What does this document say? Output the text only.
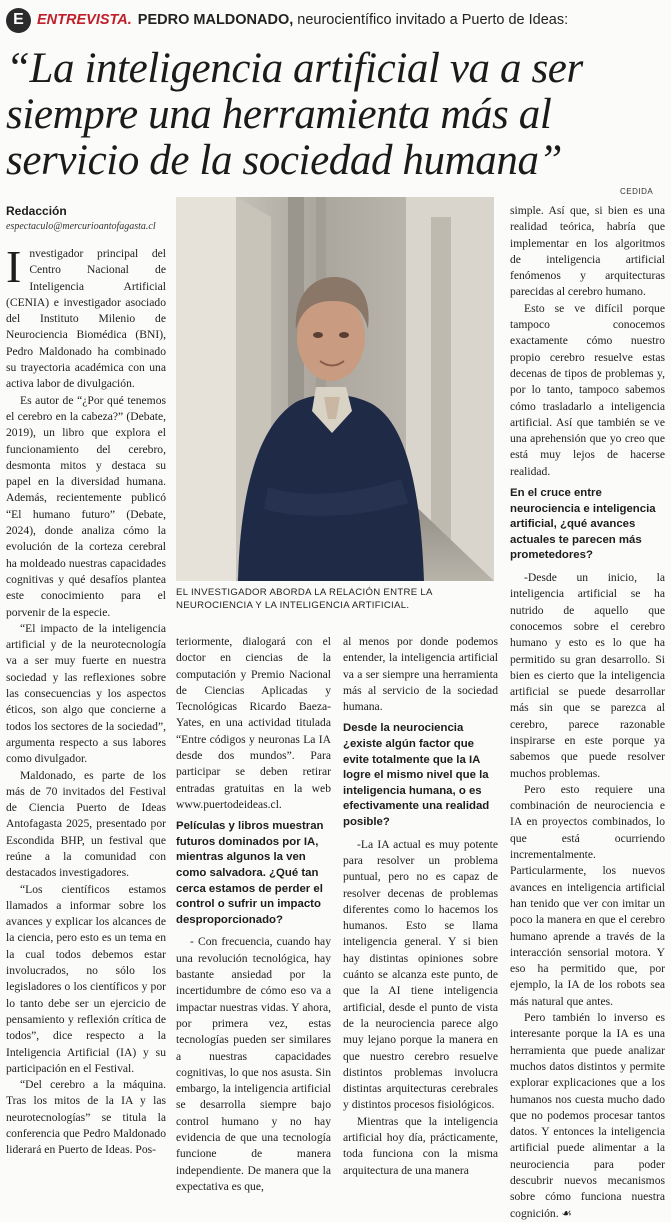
E ENTREVISTA. PEDRO MALDONADO, neurocientífico invitado a Puerto de Ideas:
“La inteligencia artificial va a ser siempre una herramienta más al servicio de la sociedad humana”
CEDIDA
Redacción
espectaculo@mercurioantofagasta.cl

Investigador principal del Centro Nacional de Inteligencia Artificial (CENIA) e investigador asociado del Instituto Milenio de Neurociencia Biomédica (BNI), Pedro Maldonado ha combinado su trayectoria académica con una activa labor de divulgación.

Es autor de “¿Por qué tenemos el cerebro en la cabeza?” (Debate, 2019), un libro que explora el funcionamiento del cerebro, desmonta mitos y destaca su papel en la diversidad humana. Además, recientemente publicó “El humano futuro” (Debate, 2024), donde analiza cómo la evolución de la corteza cerebral ha moldeado nuestras capacidades cognitivas y qué desafíos plantea este conocimiento para el porvenir de la especie.

“El impacto de la inteligencia artificial y de la neurotecnología va a ser muy fuerte en nuestra sociedad y las reflexiones sobre las consecuencias y los aspectos éticos, son algo que concierne a todos los sectores de la sociedad”, argumenta respecto a sus labores como divulgador.

Maldonado, es parte de los más de 70 invitados del Festival de Ciencia Puerto de Ideas Antofagasta 2025, presentado por Escondida BHP, un festival que reúne a la comunidad con destacados investigadores.

“Los científicos estamos llamados a informar sobre los avances y explicar los alcances de la ciencia, pero esto es un tema en la cual todos debemos estar involucrados, no sólo los legisladores o los científicos y por lo tanto debe ser un ejercicio de pensamiento y reflexión crítica de todos”, dice respecto a la Inteligencia Artificial (IA) y su participación en el Festival.

“Del cerebro a la máquina. Tras los mitos de la IA y las neurotecnologías” se titula la conferencia que Pedro Maldonado liderará en Puerto de Ideas. Pos-

EL INVESTIGADOR ABORDA LA RELACIÓN ENTRE LA NEUROCIENCIA Y LA INTELIGENCIA ARTIFICIAL.

teriormente, dialogará con el doctor en ciencias de la computación y Premio Nacional de Ciencias Aplicadas y Tecnológicas Ricardo Baeza-Yates, en una actividad titulada “Entre códigos y neuronas La IA desde dos mundos”. Para participar se deben retirar entradas gratuitas en la web www.puertodeideas.cl.

Películas y libros muestran futuros dominados por IA, mientras algunos la ven como salvadora. ¿Qué tan cerca estamos de perder el control o sufrir un impacto desproporcionado?

- Con frecuencia, cuando hay una revolución tecnológica, hay bastante ansiedad por la incertidumbre de cómo eso va a impactar nuestras vidas. Y ahora, por primera vez, estas tecnologías pueden ser similares a nuestras capacidades cognitivas, lo que nos asusta. Sin embargo, la inteligencia artificial se desarrolla siempre bajo control humano y no hay evidencia de que una tecnología funcione de manera independiente. De manera que la expectativa es que,

al menos por donde podemos entender, la inteligencia artificial va a ser siempre una herramienta más al servicio de la sociedad humana.

Desde la neurociencia ¿existe algún factor que evite totalmente que la IA logre el mismo nivel que la inteligencia humana, o es efectivamente una realidad posible?

-La IA actual es muy potente para resolver un problema puntual, pero no es capaz de resolver decenas de problemas diferentes como lo hacemos los humanos. Esto se llama inteligencia general. Y si bien hay distintas opiniones sobre cuánto se alcanza este punto, de que la AI tiene inteligencia artificial, desde el punto de vista de la neurociencia parece algo muy lejano porque la manera en que nuestro cerebro resuelve distintos problemas involucra distintas arquitecturas cerebrales y distintos procesos fisiológicos.

Mientras que la inteligencia artificial hoy día, prácticamente, toda funciona con la misma arquitectura de una manera

simple. Así que, si bien es una realidad teórica, habría que implementar en los algoritmos de inteligencia artificial fenómenos y arquitecturas parecidas al cerebro humano.

Esto se ve difícil porque tampoco conocemos exactamente cómo nuestro propio cerebro resuelve estas decenas de tipos de problemas y, por lo tanto, tampoco sabemos cómo trasladarlo a inteligencia artificial. Así que también se ve una aprehensión que yo creo que está muy lejos de hacerse realidad.

En el cruce entre neurociencia e inteligencia artificial, ¿qué avances actuales te parecen más prometedores?

-Desde un inicio, la inteligencia artificial se ha nutrido de aquello que conocemos sobre el cerebro humano y esto es lo que ha permitido su gran desarrollo. Si bien es cierto que la inteligencia artificial se puede desarrollar más sin que se parezca al cerebro, parece razonable inspirarse en este porque ya sabemos que puede resolver muchos problemas.

Pero esto requiere una combinación de neurociencia e IA en proyectos combinados, lo que está ocurriendo incrementalmente. Particularmente, los nuevos avances en inteligencia artificial han tenido que ver con imitar un poco la manera en que el cerebro humano aprende a través de la interacción sensorial motora. Y eso ha permitido que, por ejemplo, la IA de los robots sea más natural que antes.

Pero también lo inverso es interesante porque la IA es una herramienta que puede analizar muchos datos distintos y permite explorar explicaciones que a los humanos nos cuesta mucho dado que no podemos procesar tantos datos. Y entonces la inteligencia artificial puede alimentar a la neurociencia para poder descubrir nuevos mecanismos sobre cómo funciona nuestra cognición. ☙
